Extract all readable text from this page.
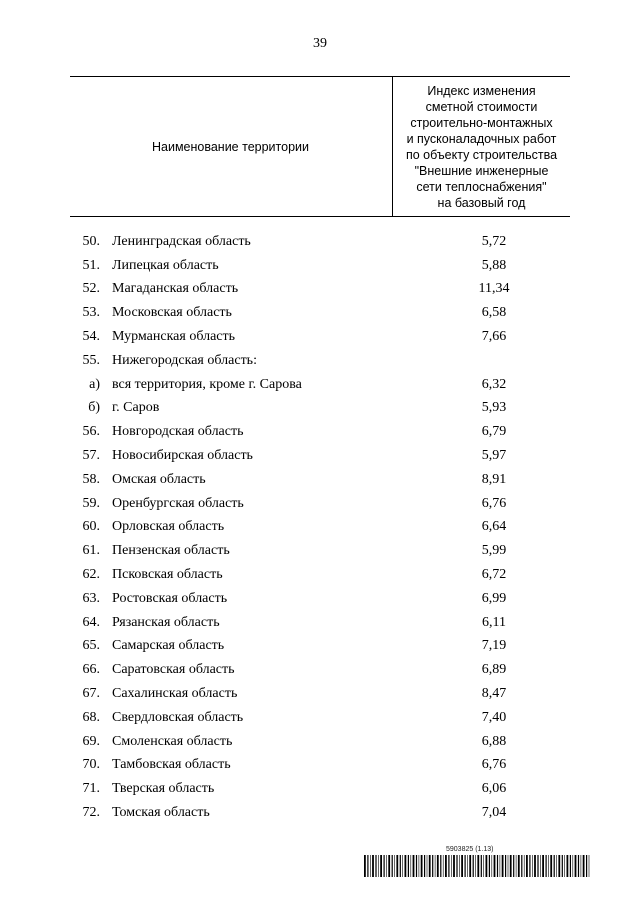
39
Наименование территории
Индекс изменения
сметной стоимости
строительно-монтажных
и пусконаладочных работ
по объекту строительства
"Внешние инженерные
сети теплоснабжения"
на базовый год
50. Ленинградская область	5,72
51. Липецкая область	5,88
52. Магаданская область	11,34
53. Московская область	6,58
54. Мурманская область	7,66
55. Нижегородская область:
а) вся территория, кроме г. Сарова	6,32
б) г. Саров	5,93
56. Новгородская область	6,79
57. Новосибирская область	5,97
58. Омская область	8,91
59. Оренбургская область	6,76
60. Орловская область	6,64
61. Пензенская область	5,99
62. Псковская область	6,72
63. Ростовская область	6,99
64. Рязанская область	6,11
65. Самарская область	7,19
66. Саратовская область	6,89
67. Сахалинская область	8,47
68. Свердловская область	7,40
69. Смоленская область	6,88
70. Тамбовская область	6,76
71. Тверская область	6,06
72. Томская область	7,04
5903825 (1.13)
